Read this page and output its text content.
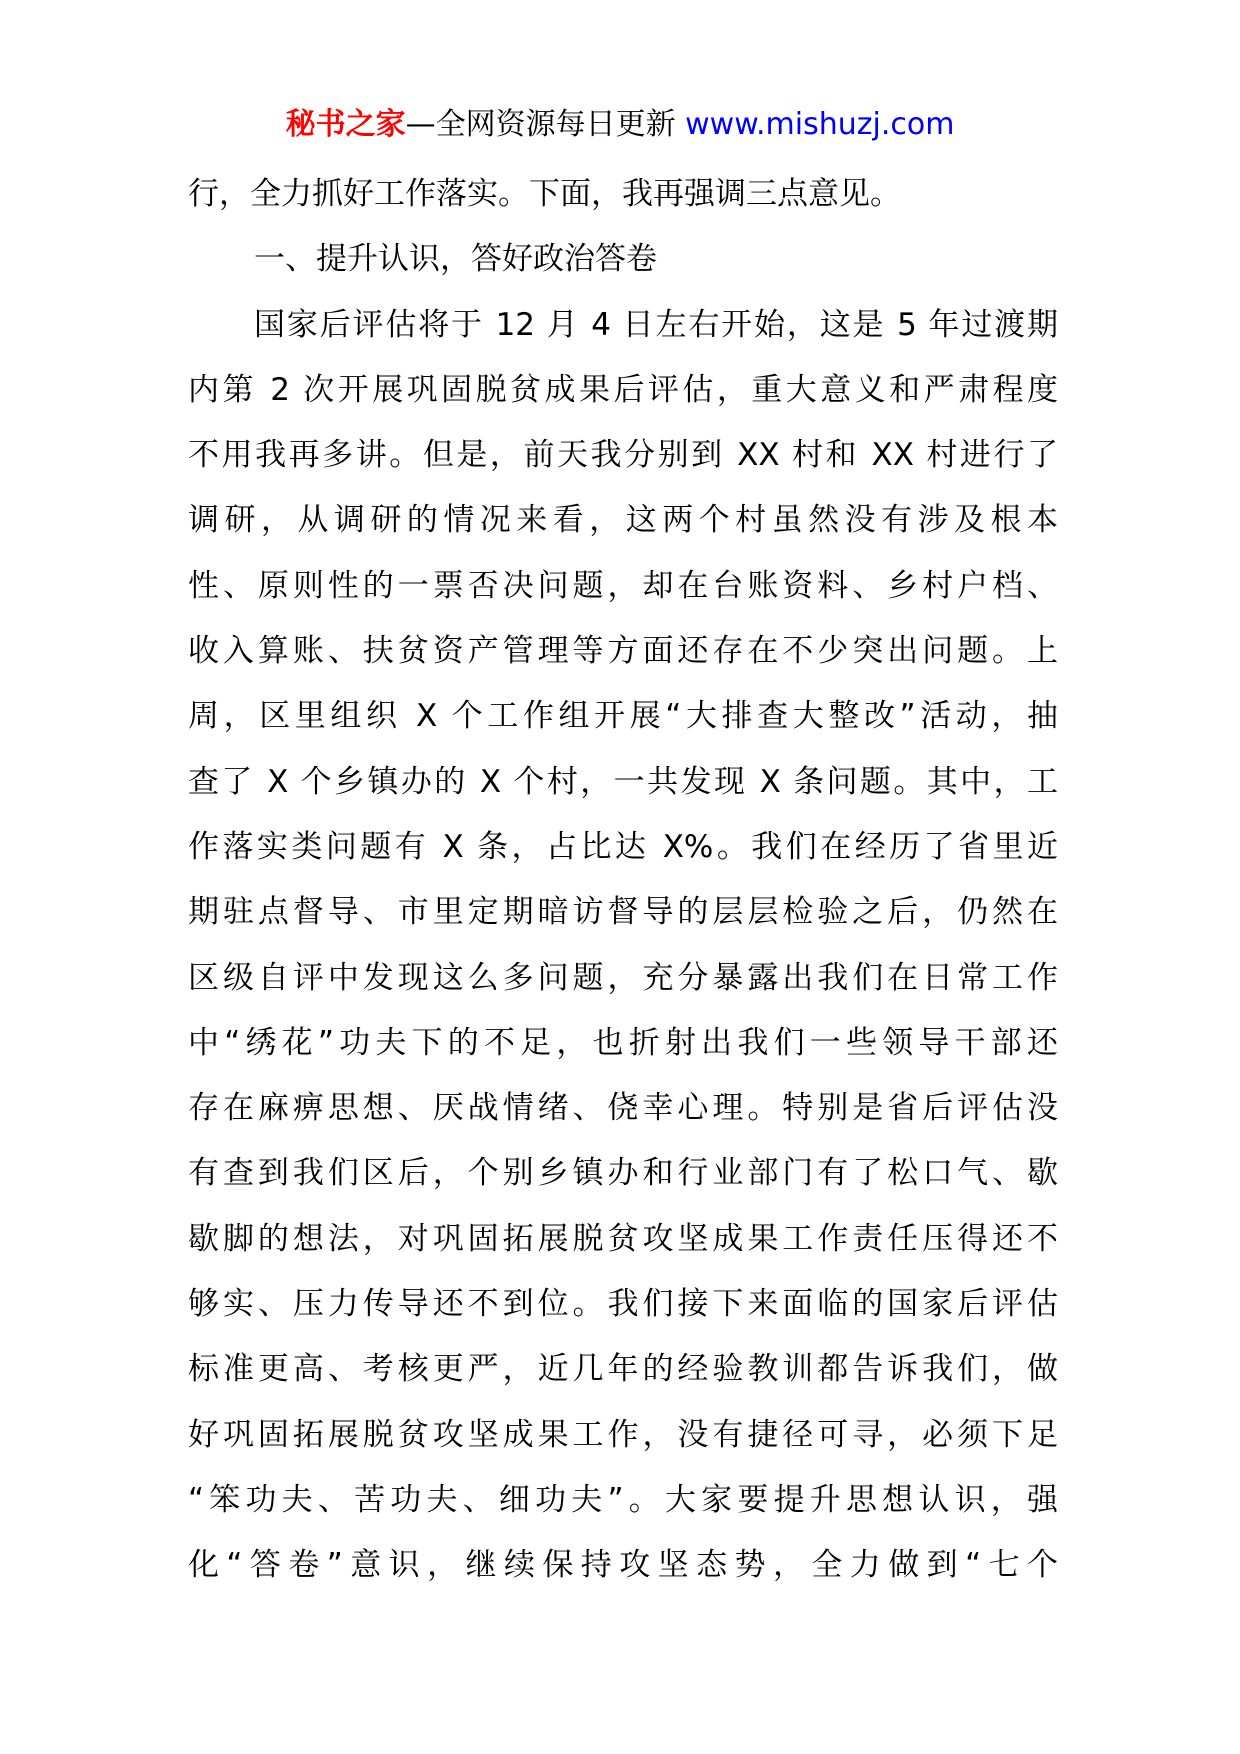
秘书之家—全网资源每日更新 www.mishuzj.com
行，全力抓好工作落实。下面，我再强调三点意见。
一、提升认识，答好政治答卷
国家后评估将于 12 月 4 日左右开始，这是 5 年过渡期
内第 2 次开展巩固脱贫成果后评估，重大意义和严肃程度
不用我再多讲。但是，前天我分别到 XX 村和 XX 村进行了
调研，从调研的情况来看，这两个村虽然没有涉及根本
性、原则性的一票否决问题，却在台账资料、乡村户档、
收入算账、扶贫资产管理等方面还存在不少突出问题。上
周，区里组织 X 个工作组开展“大排查大整改”活动，抽
查了 X 个乡镇办的 X 个村，一共发现 X 条问题。其中，工
作落实类问题有 X 条，占比达 X%。我们在经历了省里近
期驻点督导、市里定期暗访督导的层层检验之后，仍然在
区级自评中发现这么多问题，充分暴露出我们在日常工作
中“绣花”功夫下的不足，也折射出我们一些领导干部还
存在麻痹思想、厌战情绪、侥幸心理。特别是省后评估没
有查到我们区后，个别乡镇办和行业部门有了松口气、歇
歇脚的想法，对巩固拓展脱贫攻坚成果工作责任压得还不
够实、压力传导还不到位。我们接下来面临的国家后评估
标准更高、考核更严，近几年的经验教训都告诉我们，做
好巩固拓展脱贫攻坚成果工作，没有捷径可寻，必须下足
“笨功夫、苦功夫、细功夫”。大家要提升思想认识，强
化“答卷”意识，继续保持攻坚态势，全力做到“七个
